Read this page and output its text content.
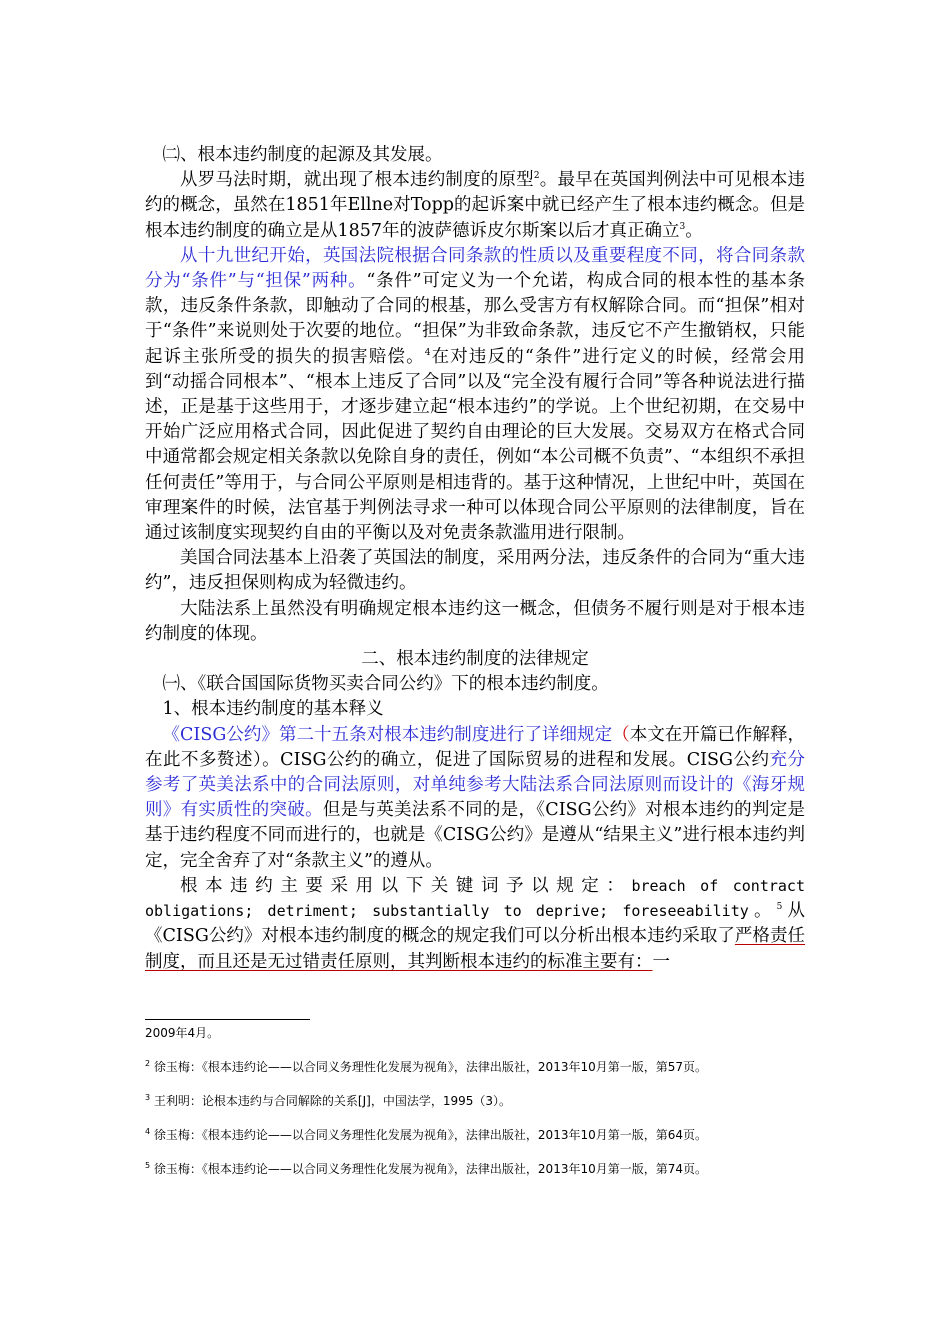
㈡、根本违约制度的起源及其发展。

从罗马法时期，就出现了根本违约制度的原型$^2$。最早在英国判例法中可见根本违约的概念，虽然在1851年Ellne对Topp的起诉案中就已经产生了根本违约概念。但是根本违约制度的确立是从1857年的波萨德诉皮尔斯案以后才真正确立$^3$。

从十九世纪开始，英国法院根据合同条款的性质以及重要程度不同，将合同条款分为“条件”与“担保”两种。“条件”可定义为一个允诺，构成合同的根本性的基本条款，违反条件条款，即触动了合同的根基，那么受害方有权解除合同。而“担保”相对于“条件”来说则处于次要的地位。“担保”为非致命条款，违反它不产生撤销权，只能起诉主张所受的损失的损害赔偿。$^4$在对违反的“条件”进行定义的时候，经常会用到“动摇合同根本”、“根本上违反了合同”以及“完全没有履行合同”等各种说法进行描述，正是基于这些用于，才逐步建立起“根本违约”的学说。上个世纪初期，在交易中开始广泛应用格式合同，因此促进了契约自由理论的巨大发展。交易双方在格式合同中通常都会规定相关条款以免除自身的责任，例如“本公司概不负责”、“本组织不承担任何责任”等用于，与合同公平原则是相违背的。基于这种情况，上世纪中叶，英国在审理案件的时候，法官基于判例法寻求一种可以体现合同公平原则的法律制度，旨在通过该制度实现契约自由的平衡以及对免责条款滥用进行限制。

美国合同法基本上沿袭了英国法的制度，采用两分法，违反条件的合同为“重大违约”，违反担保则构成为轻微违约。

大陆法系上虽然没有明确规定根本违约这一概念，但债务不履行则是对于根本违约制度的体现。

二、根本违约制度的法律规定

㈠、《联合国国际货物买卖合同公约》下的根本违约制度。

1、根本违约制度的基本释义

《CISG公约》第二十五条对根本违约制度进行了详细规定（本文在开篇已作解释，在此不多赘述）。CISG公约的确立，促进了国际贸易的进程和发展。CISG公约充分参考了英美法系中的合同法原则，对单纯参考大陆法系合同法原则而设计的《海牙规则》有实质性的突破。但是与英美法系不同的是，《CISG公约》对根本违约的判定是基于违约程度不同而进行的，也就是《CISG公约》是遵从“结果主义”进行根本违约判定，完全舍弃了对“条款主义”的遵从。

根本违约主要采用以下关键词予以规定：breach of contract obligations; detriment; substantially to deprive; foreseeability。$^5$从《CISG公约》对根本违约制度的概念的规定我们可以分析出根本违约采取了严格责任制度，而且还是无过错责任原则，其判断根本违约的标准主要有：一

2009年4月。

$^2$ 徐玉梅：《根本违约论——以合同义务理性化发展为视角》，法律出版社，2013年10月第一版，第57页。

$^3$ 王利明：论根本违约与合同解除的关系[J]，中国法学，1995（3）。

$^4$ 徐玉梅：《根本违约论——以合同义务理性化发展为视角》，法律出版社，2013年10月第一版，第64页。

$^5$ 徐玉梅：《根本违约论——以合同义务理性化发展为视角》，法律出版社，2013年10月第一版，第74页。
